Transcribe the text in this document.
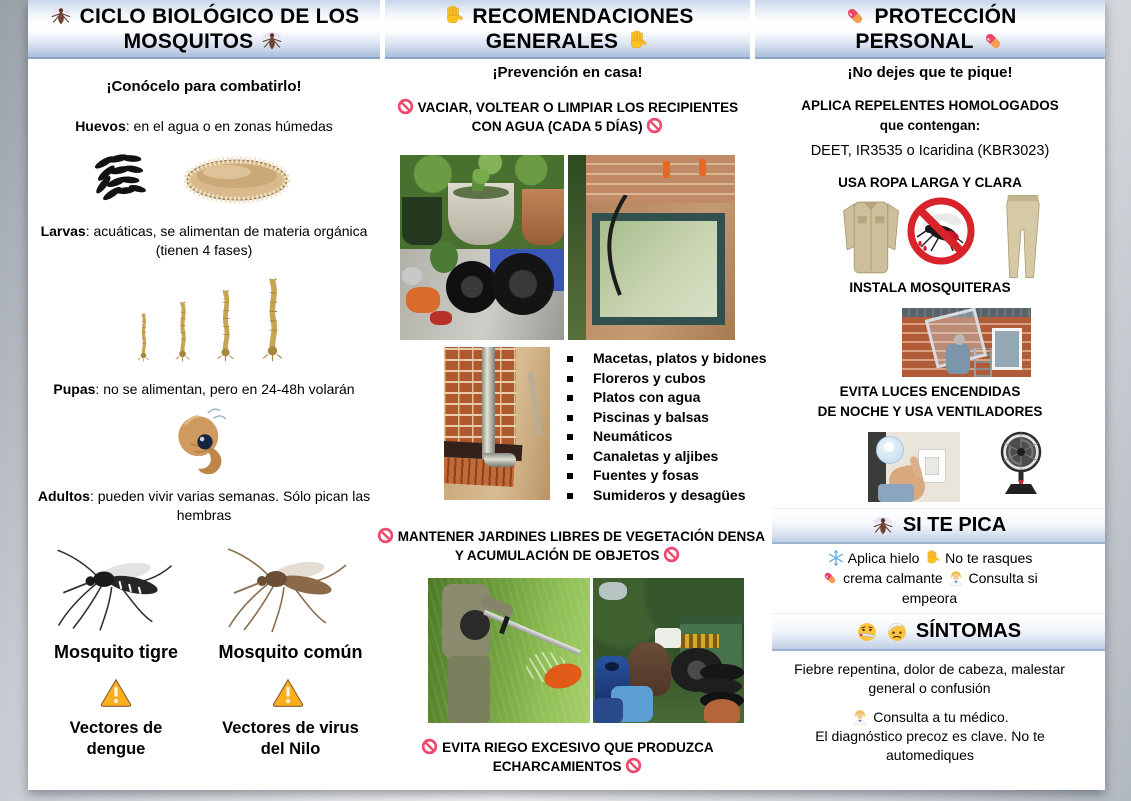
CICLO BIOLÓGICO DE LOS
MOSQUITOS
¡Conócelo para combatirlo!
Huevos: en el agua o en zonas húmedas
Larvas: acuáticas, se alimentan de materia orgánica (tienen 4 fases)
Pupas: no se alimentan, pero en 24-48h volarán
Adultos: pueden vivir varias semanas. Sólo pican las hembras
Mosquito tigre	Mosquito común
Vectores de dengue
Vectores de virus del Nilo
RECOMENDACIONES
GENERALES
¡Prevención en casa!
VACIAR, VOLTEAR O LIMPIAR LOS RECIPIENTES
CON AGUA (CADA 5 DÍAS)
Macetas, platos y bidones
Floreros y cubos
Platos con agua
Piscinas y balsas
Neumáticos
Canaletas y aljibes
Fuentes y fosas
Sumideros y desagües
MANTENER JARDINES LIBRES DE VEGETACIÓN DENSA
Y ACUMULACIÓN DE OBJETOS
EVITA RIEGO EXCESIVO QUE PRODUZCA
ECHARCAMIENTOS
PROTECCIÓN
PERSONAL
¡No dejes que te pique!
APLICA REPELENTES HOMOLOGADOS
que contengan:
DEET, IR3535 o Icaridina (KBR3023)
USA ROPA LARGA Y CLARA
INSTALA MOSQUITERAS
EVITA LUCES ENCENDIDAS
DE NOCHE Y USA VENTILADORES
SI TE PICA
Aplica hielo No te rasques  crema calmante Consulta si empeora
SÍNTOMAS
Fiebre repentina, dolor de cabeza, malestar general o confusión
Consulta a tu médico.
El diagnóstico precoz es clave. No te automediques
